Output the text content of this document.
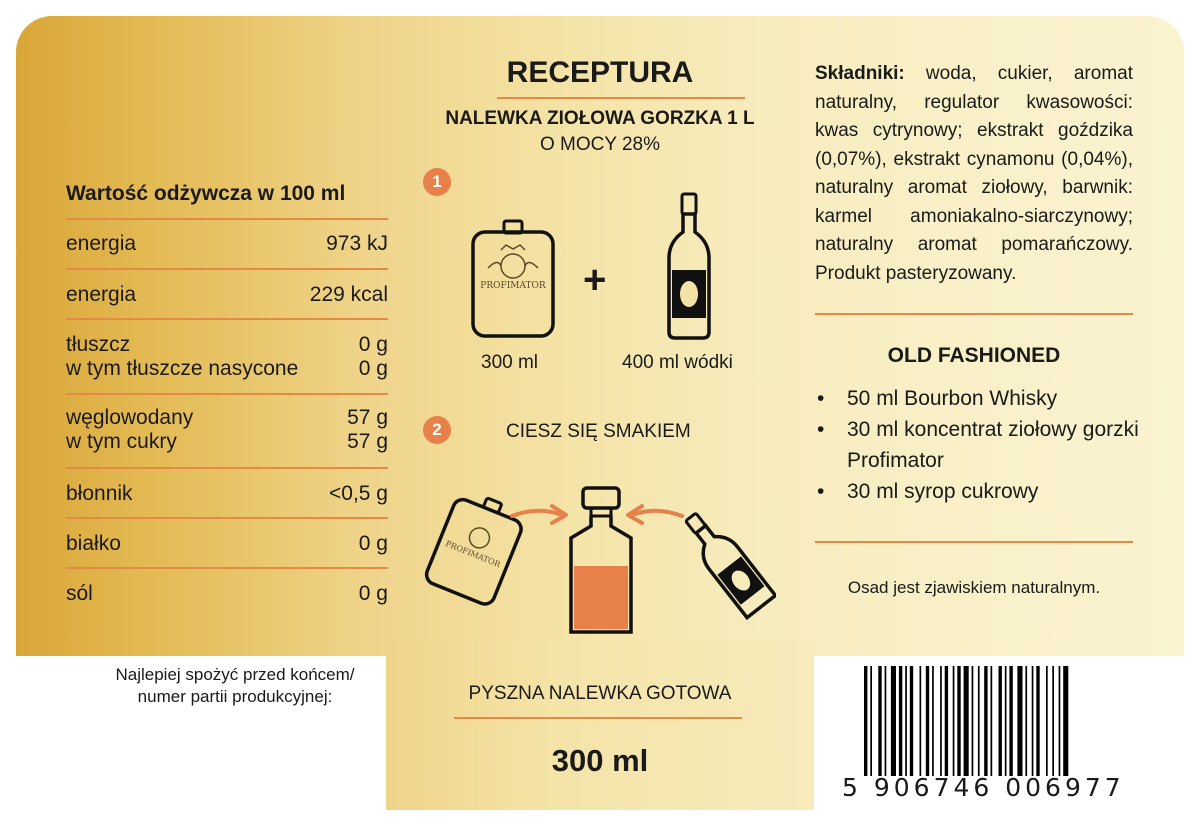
Wartość odżywcza w 100 ml
energia	973 kJ
energia	229 kcal
tłuszcz	0 g
w tym tłuszcze nasycone	0 g
węglowodany	57 g
w tym cukry	57 g
błonnik	<0,5 g
białko	0 g
sól	0 g
RECEPTURA
NALEWKA ZIOŁOWA GORZKA 1 L
O MOCY 28%
1
PROFIMATOR +
300 ml	400 ml wódki
2	CIESZ SIĘ SMAKIEM
PROFIMATOR
PYSZNA NALEWKA GOTOWA
300 ml
Składniki: woda, cukier, aromat naturalny, regulator kwasowości: kwas cytrynowy; ekstrakt goździka (0,07%), ekstrakt cynamonu (0,04%), naturalny aromat ziołowy, barwnik: karmel amoniakalno-siarczynowy; naturalny aromat pomarańczowy. Produkt pasteryzowany.
OLD FASHIONED
• 50 ml Bourbon Whisky
• 30 ml koncentrat ziołowy gorzki Profimator
• 30 ml syrop cukrowy
Osad jest zjawiskiem naturalnym.
Najlepiej spożyć przed końcem/ numer partii produkcyjnej:
5 906746 006977
